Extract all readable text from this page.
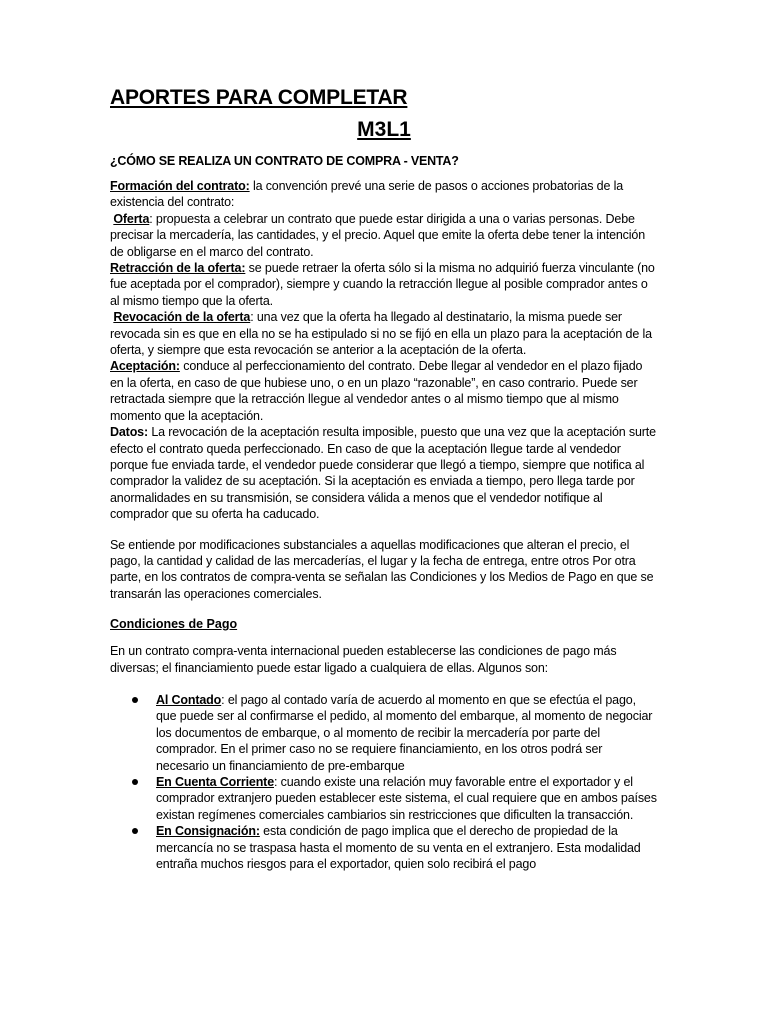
APORTES PARA COMPLETAR
M3L1

¿CÓMO SE REALIZA UN CONTRATO DE COMPRA - VENTA?

Formación del contrato: la convención prevé una serie de pasos o acciones probatorias de la existencia del contrato:

Oferta: propuesta a celebrar un contrato que puede estar dirigida a una o varias personas. Debe precisar la mercadería, las cantidades, y el precio. Aquel que emite la oferta debe tener la intención de obligarse en el marco del contrato.

Retracción de la oferta: se puede retraer la oferta sólo si la misma no adquirió fuerza vinculante (no fue aceptada por el comprador), siempre y cuando la retracción llegue al posible comprador antes o al mismo tiempo que la oferta.

Revocación de la oferta: una vez que la oferta ha llegado al destinatario, la misma puede ser revocada sin es que en ella no se ha estipulado si no se fijó en ella un plazo para la aceptación de la oferta, y siempre que esta revocación se anterior a la aceptación de la oferta.

Aceptación: conduce al perfeccionamiento del contrato. Debe llegar al vendedor en el plazo fijado en la oferta, en caso de que hubiese uno, o en un plazo “razonable”, en caso contrario. Puede ser retractada siempre que la retracción llegue al vendedor antes o al mismo tiempo que al mismo momento que la aceptación.

Datos: La revocación de la aceptación resulta imposible, puesto que una vez que la aceptación surte efecto el contrato queda perfeccionado. En caso de que la aceptación llegue tarde al vendedor porque fue enviada tarde, el vendedor puede considerar que llegó a tiempo, siempre que notifica al comprador la validez de su aceptación. Si la aceptación es enviada a tiempo, pero llega tarde por anormalidades en su transmisión, se considera válida a menos que el vendedor notifique al comprador que su oferta ha caducado.

Se entiende por modificaciones substanciales a aquellas modificaciones que alteran el precio, el pago, la cantidad y calidad de las mercaderías, el lugar y la fecha de entrega, entre otros Por otra parte, en los contratos de compra-venta se señalan las Condiciones y los Medios de Pago en que se transarán las operaciones comerciales.

Condiciones de Pago

En un contrato compra-venta internacional pueden establecerse las condiciones de pago más diversas; el financiamiento puede estar ligado a cualquiera de ellas. Algunos son:

Al Contado: el pago al contado varía de acuerdo al momento en que se efectúa el pago, que puede ser al confirmarse el pedido, al momento del embarque, al momento de negociar los documentos de embarque, o al momento de recibir la mercadería por parte del comprador. En el primer caso no se requiere financiamiento, en los otros podrá ser necesario un financiamiento de pre-embarque
En Cuenta Corriente: cuando existe una relación muy favorable entre el exportador y el comprador extranjero pueden establecer este sistema, el cual requiere que en ambos países existan regímenes comerciales cambiarios sin restricciones que dificulten la transacción.
En Consignación: esta condición de pago implica que el derecho de propiedad de la mercancía no se traspasa hasta el momento de su venta en el extranjero. Esta modalidad entraña muchos riesgos para el exportador, quien solo recibirá el pago
